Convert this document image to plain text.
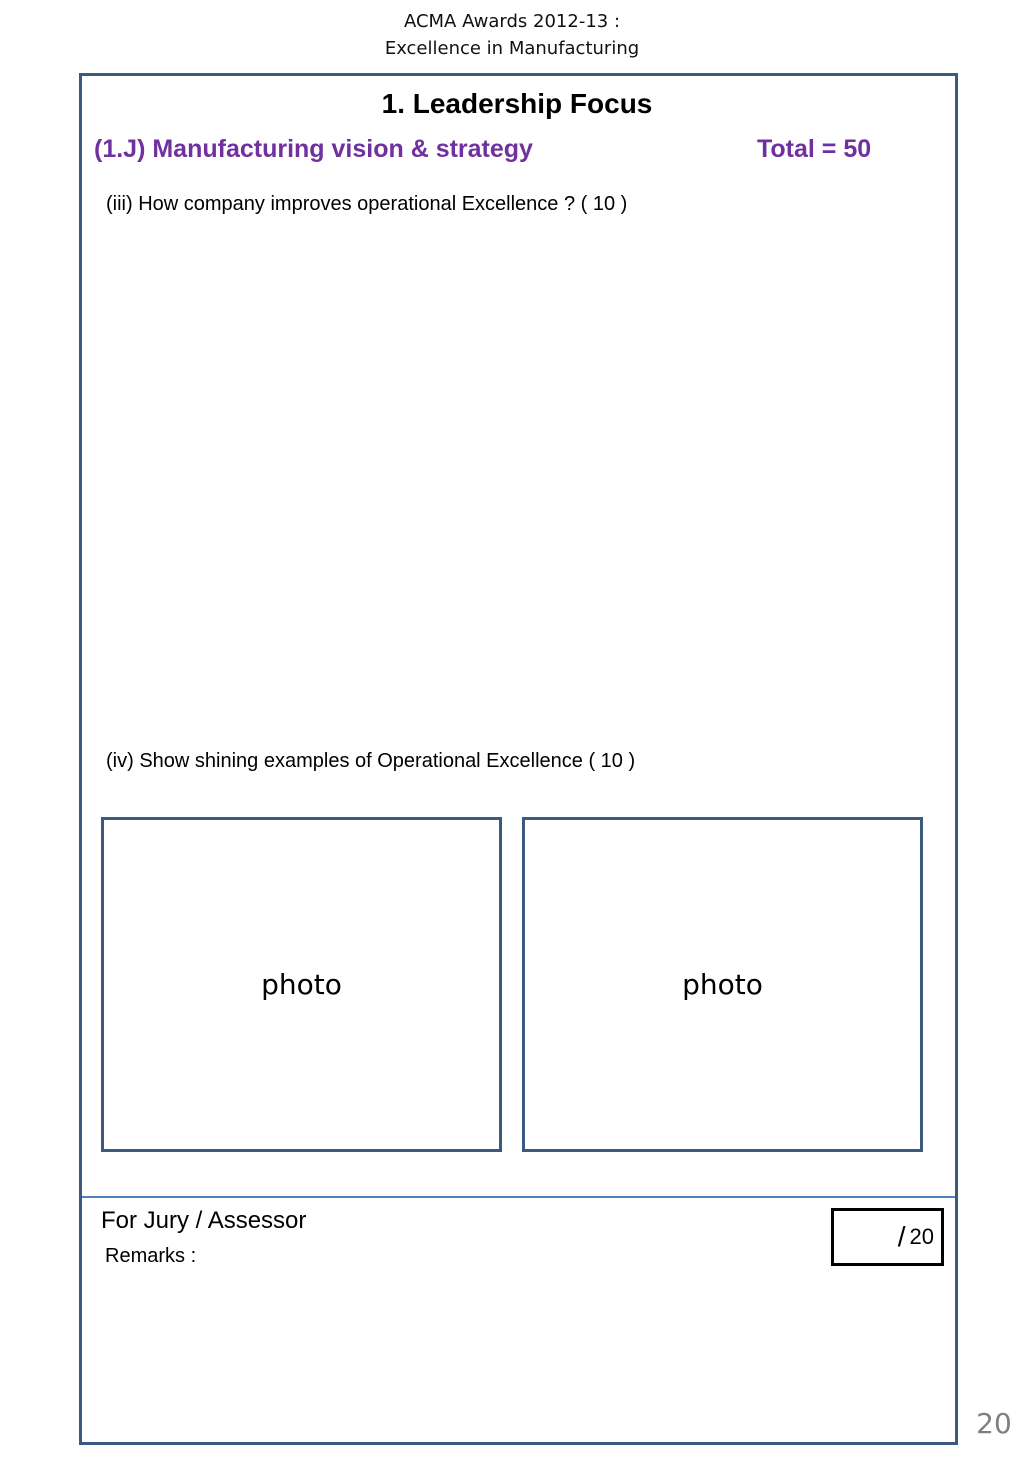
ACMA Awards 2012-13 :
Excellence in Manufacturing
1. Leadership Focus
(1.J) Manufacturing vision & strategy	Total = 50
(iii) How company improves operational Excellence ? ( 10 )
(iv) Show shining examples of Operational Excellence ( 10 )
photo	photo
For Jury / Assessor
Remarks :
/ 20
20
